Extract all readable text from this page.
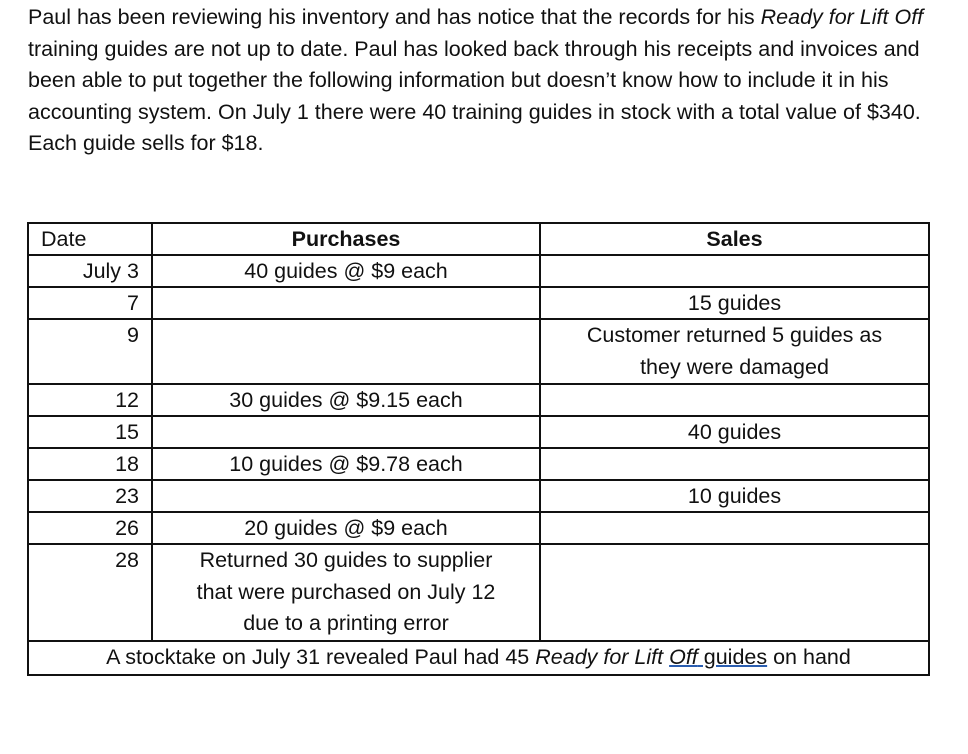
Paul has been reviewing his inventory and has notice that the records for his Ready for Lift Off training guides are not up to date. Paul has looked back through his receipts and invoices and been able to put together the following information but doesn’t know how to include it in his accounting system. On July 1 there were 40 training guides in stock with a total value of $340. Each guide sells for $18.

Date	Purchases	Sales
July 3	40 guides @ $9 each	

7		15 guides

9		Customer returned 5 guides as
they were damaged

12	30 guides @ $9.15 each	

15		40 guides

18	10 guides @ $9.78 each	

23		10 guides

26	20 guides @ $9 each	

28	Returned 30 guides to supplier
that were purchased on July 12
due to a printing error	

A stocktake on July 31 revealed Paul had 45 Ready for Lift Off guides on hand		
